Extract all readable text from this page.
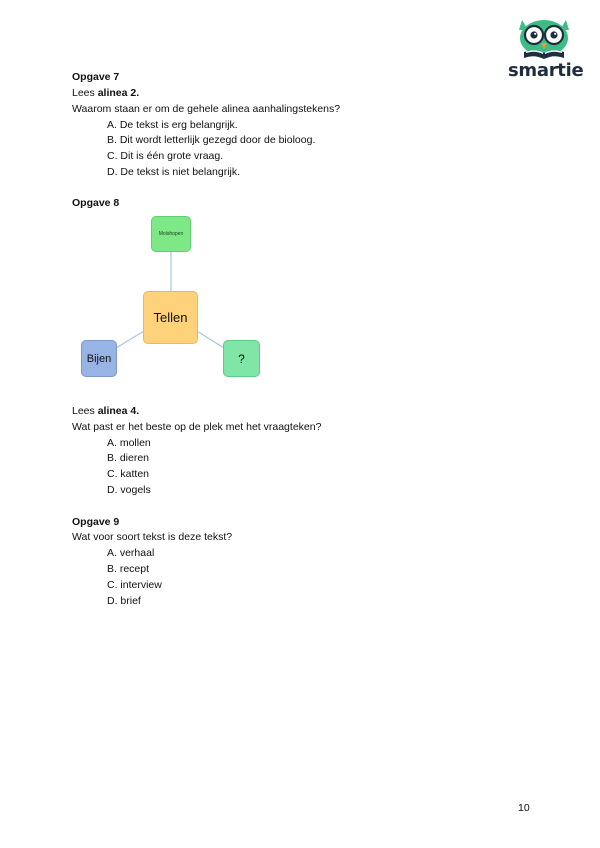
smartie
Opgave 7
Lees alinea 2.
Waarom staan er om de gehele alinea aanhalingstekens?
A. De tekst is erg belangrijk.
B. Dit wordt letterlijk gezegd door de bioloog.
C. Dit is één grote vraag.
D. De tekst is niet belangrijk.
Opgave 8
Molshopen
Tellen
Bijen	?
Lees alinea 4.
Wat past er het beste op de plek met het vraagteken?
A. mollen
B. dieren
C. katten
D. vogels
Opgave 9
Wat voor soort tekst is deze tekst?
A. verhaal
B. recept
C. interview
D. brief
10
